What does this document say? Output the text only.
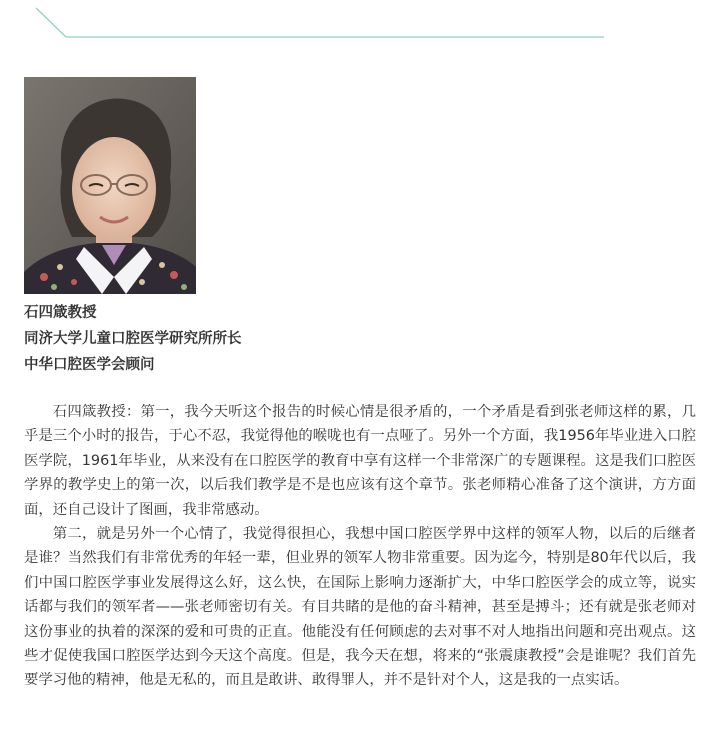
石四箴教授
同济大学儿童口腔医学研究所所长
中华口腔医学会顾问

石四箴教授：第一，我今天听这个报告的时候心情是很矛盾的，一个矛盾是看到张老师这样的累，几乎是三个小时的报告，于心不忍，我觉得他的喉咙也有一点哑了。另外一个方面，我1956年毕业进入口腔医学院，1961年毕业，从来没有在口腔医学的教育中享有这样一个非常深广的专题课程。这是我们口腔医学界的教学史上的第一次，以后我们教学是不是也应该有这个章节。张老师精心准备了这个演讲，方方面面，还自己设计了图画，我非常感动。

第二，就是另外一个心情了，我觉得很担心，我想中国口腔医学界中这样的领军人物，以后的后继者是谁？当然我们有非常优秀的年轻一辈，但业界的领军人物非常重要。因为迄今，特别是80年代以后，我们中国口腔医学事业发展得这么好，这么快，在国际上影响力逐渐扩大，中华口腔医学会的成立等，说实话都与我们的领军者——张老师密切有关。有目共睹的是他的奋斗精神，甚至是搏斗；还有就是张老师对这份事业的执着的深深的爱和可贵的正直。他能没有任何顾虑的去对事不对人地指出问题和亮出观点。这些才促使我国口腔医学达到今天这个高度。但是，我今天在想，将来的“张震康教授”会是谁呢？我们首先要学习他的精神，他是无私的，而且是敢讲、敢得罪人，并不是针对个人，这是我的一点实话。
